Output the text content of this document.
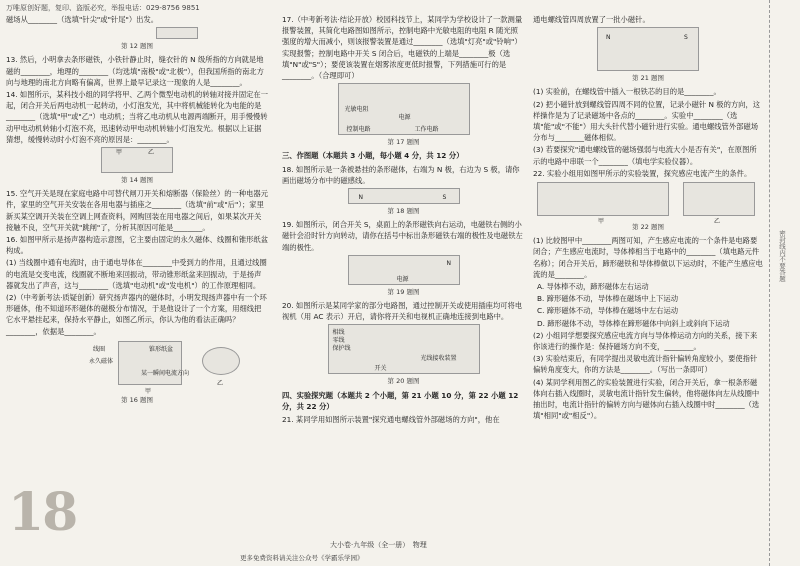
万唯原创好题，复印、盗版必究，举报电话：029-8756 9851

磁场从________（选填"针尖"或"针尾"）出发。

第 12 题图

13. 然后，小明拿去条形磁铁，小铁针静止时，缝衣针的 N 级所指的方向就是地磁的________，地理的________（均选填"南极"或"北极"），但我国所指的南北方向与地理的南北方向略有偏离，世界上最早记录这一现象的人是________。

14. 如图所示，某科技小组的同学将甲、乙两个微型电动机的转轴对接并固定在一起，闭合开关后两电动机一起转动，小灯泡发光，其中将机械能转化为电能的是________（选填"甲"或"乙"）电动机；当将乙电动机从电源两端断开，用手慢慢转动甲电动机转轴小灯泡不亮，迅速转动甲电动机转轴小灯泡发光。根据以上证据猜想，缓慢转动时小灯泡不亮的原因是：________。

甲	乙
第 14 题图

15. 空气开关是现在家庭电路中可替代闸刀开关和熔断器（保险丝）的一种电器元件，家里的空气开关安装在各用电器与插座之________（选填"前"或"后"）；家里新买某空调开关装在空调上网查资料，网购回装在用电器之间后，如果某次开关接触不良，空气开关就"跳闸"了，分析其原因可能是________。

16. 如图甲所示是扬声器构造示意图，它主要由固定的永久磁体、线圈和锥形纸盆构成。

(1) 当线圈中通有电流时，由于通电导体在________中受到力的作用，且通过线圈的电流是交变电流，线圈就不断地来回振动，带动锥形纸盆来回振动，于是扬声器就发出了声音，这与________（选填"电动机"或"发电机"）的工作原理相同。

(2)（中考新考法·质疑创新）研究扬声器内的磁体时，小明发现扬声器中有一个环形磁体，他不知道环形磁体的磁极分布情况，于是他设计了一个方案，用细线把它水平悬挂起来，保持水平静止，如图乙所示，你认为他的看法正确吗？________，依据是________。

线圈	锥形纸盆
永久磁体
某一瞬间电流方向
甲
乙
第 16 题图
18

17.（中考新考法·结论开放）校园科技节上，某同学为学校设计了一款测量报警装置，其简化电路图如图所示，控制电路中光敏电阻的电阻 R 随光照强度的增大而减小，则该报警装置是通过________（选填"灯亮"或"铃响"）实现报警；控制电路中开关 S 闭合后，电磁铁的上端是________极（选填"N"或"S"）；要使该装置在烟雾浓度更低时报警，下列措施可行的是________。（合理即可）

光敏电阻
控制电路	工作电路
电源
第 17 题图
三、作图题（本题共 3 小题，每小题 4 分，共 12 分）

18. 如图所示是一条被悬挂的条形磁体，右端为 N 极，右边为 S 极，请你画出磁场分布中的磁感线。

N	S
第 18 题图

19. 如图所示，闭合开关 S，桌面上的条形磁铁向右运动，电磁铁右侧的小磁针会沿时针方向转动，请你在括号中标出条形磁铁右端的极性及电磁铁左端的极性。

N
电源
第 19 题图

20. 如图所示是某同学家的部分电路图，通过控制开关或使用插座均可将电视机（用 AC 表示）开启，请你将开关和电视机正确地连接到电路中。

相线
零线
保护线
开关
光线接收装置
第 20 题图
四、实验探究题（本题共 2 个小题，第 21 小题 10 分，第 22 小题 12 分，共 22 分）

21. 某同学用如图所示装置"探究通电螺线管外部磁场的方向"，他在

大小卷·九年级（全一册）　物理
更多免费资料请关注公众号《学霸乐学园》

通电螺线管四周放置了一批小磁针。

N	S
第 21 题图

(1) 实验前，在螺线管中插入一根铁芯的目的是________。

(2) 把小磁针放到螺线管四周不同的位置，记录小磁针 N 极的方向，这样操作是为了记录磁场中各点的________。实验中________（选填"能"或"不能"）用大头针代替小磁针进行实验。通电螺线管外部磁场分布与________磁体相似。

(3) 若要探究"通电螺线管的磁场强弱与电流大小是否有关"，在原图所示的电路中串联一个________（填电学实验仪器）。

22. 实验小组用如图甲所示的实验装置，探究感应电流产生的条件。

甲	乙
第 22 题图

(1) 比较图甲中________两图可知，产生感应电流的一个条件是电路要闭合；产生感应电流时，导体棒相当于电路中的________（填电路元件名称）；闭合开关后，蹄形磁铁和导体棒做以下运动时，不能产生感应电流的是________。

A. 导体棒不动，蹄形磁体左右运动

B. 蹄形磁体不动，导体棒在磁场中上下运动

C. 蹄形磁体不动，导体棒在磁场中左右运动

D. 蹄形磁体不动，导体棒在蹄形磁体中向斜上或斜向下运动

(2) 小组同学想要探究感应电流方向与导体棒运动方向的关系，接下来你该进行的操作是：保持磁场方向不变，________。

(3) 实验结束后，有同学提出灵敏电流计指针偏转角度较小，要使指针偏转角度变大，你的方法是________。（写出一条即可）

(4) 某同学利用图乙的实验装置进行实验，闭合开关后，拿一根条形磁体向右插入线圈时，灵敏电流计指针发生偏转，他将磁体向左从线圈中抽出时，电流计指针的偏转方向与磁体向右插入线圈中时________（选填"相同"或"相反"）。

密封线内不要答题
